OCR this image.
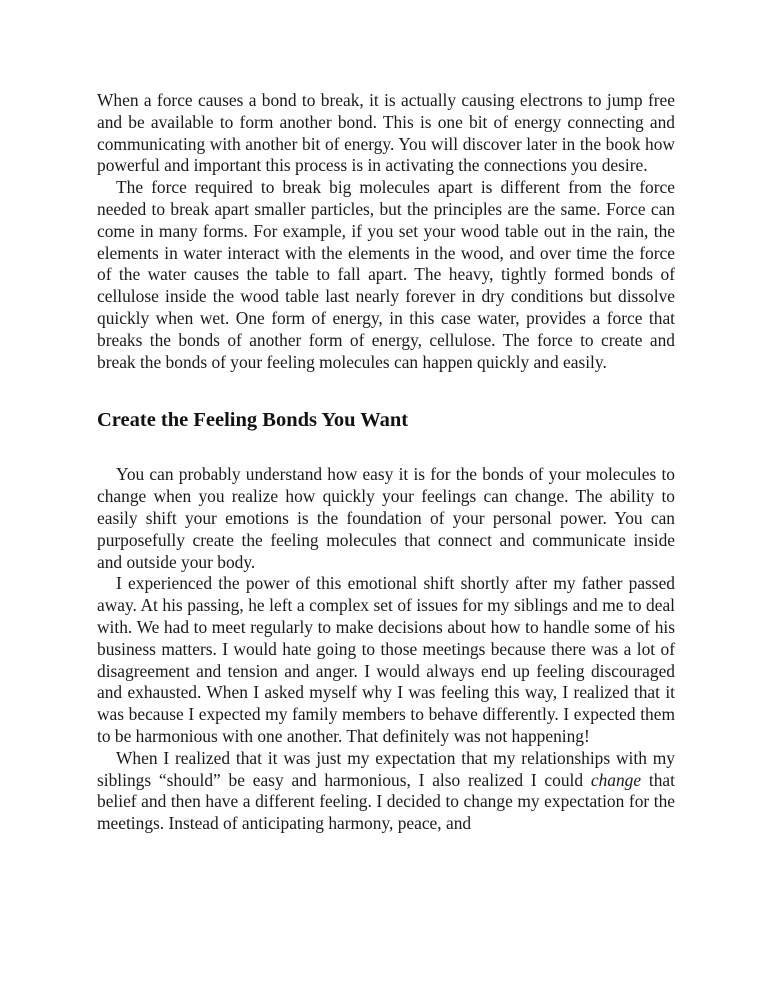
When a force causes a bond to break, it is actually causing electrons to jump free and be available to form another bond. This is one bit of energy connecting and communicating with another bit of energy. You will discover later in the book how powerful and important this process is in activating the connections you desire.

The force required to break big molecules apart is different from the force needed to break apart smaller particles, but the principles are the same. Force can come in many forms. For example, if you set your wood table out in the rain, the elements in water interact with the elements in the wood, and over time the force of the water causes the table to fall apart. The heavy, tightly formed bonds of cellulose inside the wood table last nearly forever in dry conditions but dissolve quickly when wet. One form of energy, in this case water, provides a force that breaks the bonds of another form of energy, cellulose. The force to create and break the bonds of your feeling molecules can happen quickly and easily.

Create the Feeling Bonds You Want

You can probably understand how easy it is for the bonds of your molecules to change when you realize how quickly your feelings can change. The ability to easily shift your emotions is the foundation of your personal power. You can purposefully create the feeling molecules that connect and communicate inside and outside your body.

I experienced the power of this emotional shift shortly after my father passed away. At his passing, he left a complex set of issues for my siblings and me to deal with. We had to meet regularly to make decisions about how to handle some of his business matters. I would hate going to those meetings because there was a lot of disagreement and tension and anger. I would always end up feeling discouraged and exhausted. When I asked myself why I was feeling this way, I realized that it was because I expected my family members to behave differently. I expected them to be harmonious with one another. That definitely was not happening!

When I realized that it was just my expectation that my relationships with my siblings “should” be easy and harmonious, I also realized I could change that belief and then have a different feeling. I decided to change my expectation for the meetings. Instead of anticipating harmony, peace, and
